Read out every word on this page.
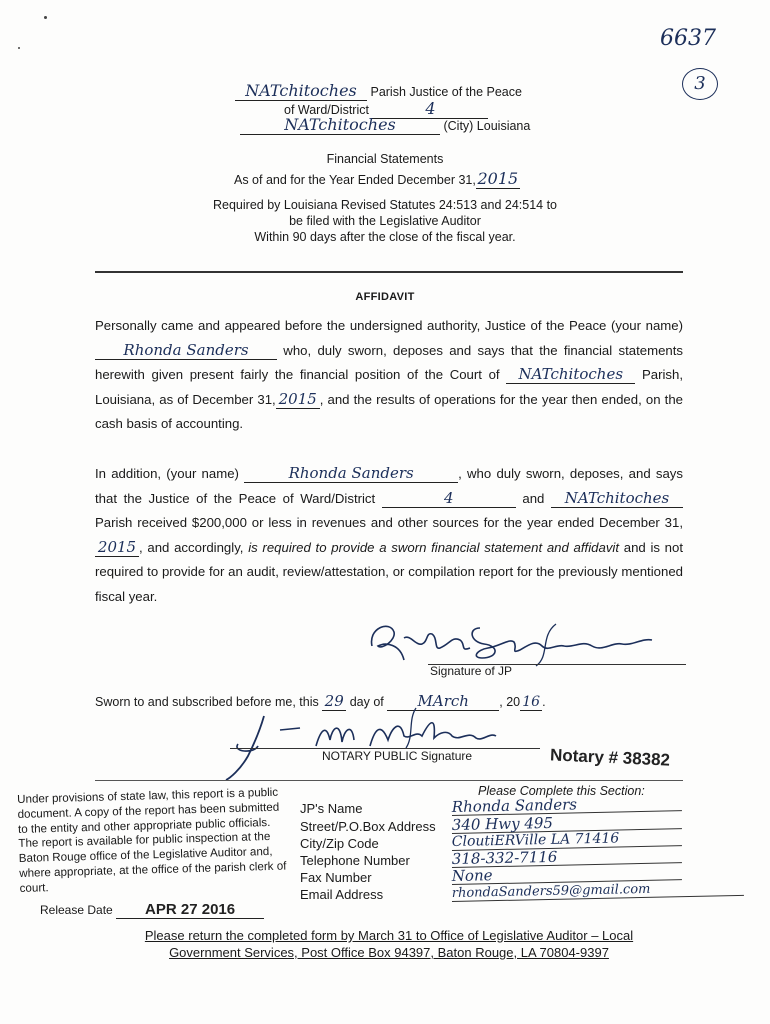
6637
3
NATchitoches Parish Justice of the Peace
of Ward/District	4
NATchitoches	(City) Louisiana
Financial Statements
As of and for the Year Ended December 31, 2015
Required by Louisiana Revised Statutes 24:513 and 24:514 to
be filed with the Legislative Auditor
Within 90 days after the close of the fiscal year.
AFFIDAVIT
Personally came and appeared before the undersigned authority, Justice of the Peace (your name) Rhonda Sanders	who, duly sworn, deposes and says that the financial statements herewith given present fairly the financial position of the Court of NATchitoches Parish, Louisiana, as of December 31, 2015 , and the results of operations for the year then ended, on the cash basis of accounting.
In addition, (your name)	Rhonda Sanders	, who duly sworn, deposes, and says that the Justice of the Peace of Ward/District	4	and NATchitoches Parish received $200,000 or less in revenues and other sources for the year ended December 31,2015 , and accordingly, is required to provide a sworn financial statement and affidavit and is not required to provide for an audit, review/attestation, or compilation report for the previously mentioned fiscal year.
Signature of JP
Sworn to and subscribed before me, this 29 day of MArch , 20 16 .
NOTARY PUBLIC Signature	Notary # 38382
Under provisions of state law, this report is a public document. A copy of the report has been submitted to the entity and other appropriate public officials. The report is available for public inspection at the Baton Rouge office of the Legislative Auditor and, where appropriate, at the office of the parish clerk of court.
Release Date APR 27 2016
Please Complete this Section:
JP's Name	Rhonda Sanders
Street/P.O.Box Address 340 Hwy 495
City/Zip Code	CloutiERVille LA 71416
Telephone Number	318-332-7116
Fax Number	None
Email Address	rhondaSanders59@gmail.com
Please return the completed form by March 31 to Office of Legislative Auditor – Local
Government Services, Post Office Box 94397, Baton Rouge, LA 70804-9397
